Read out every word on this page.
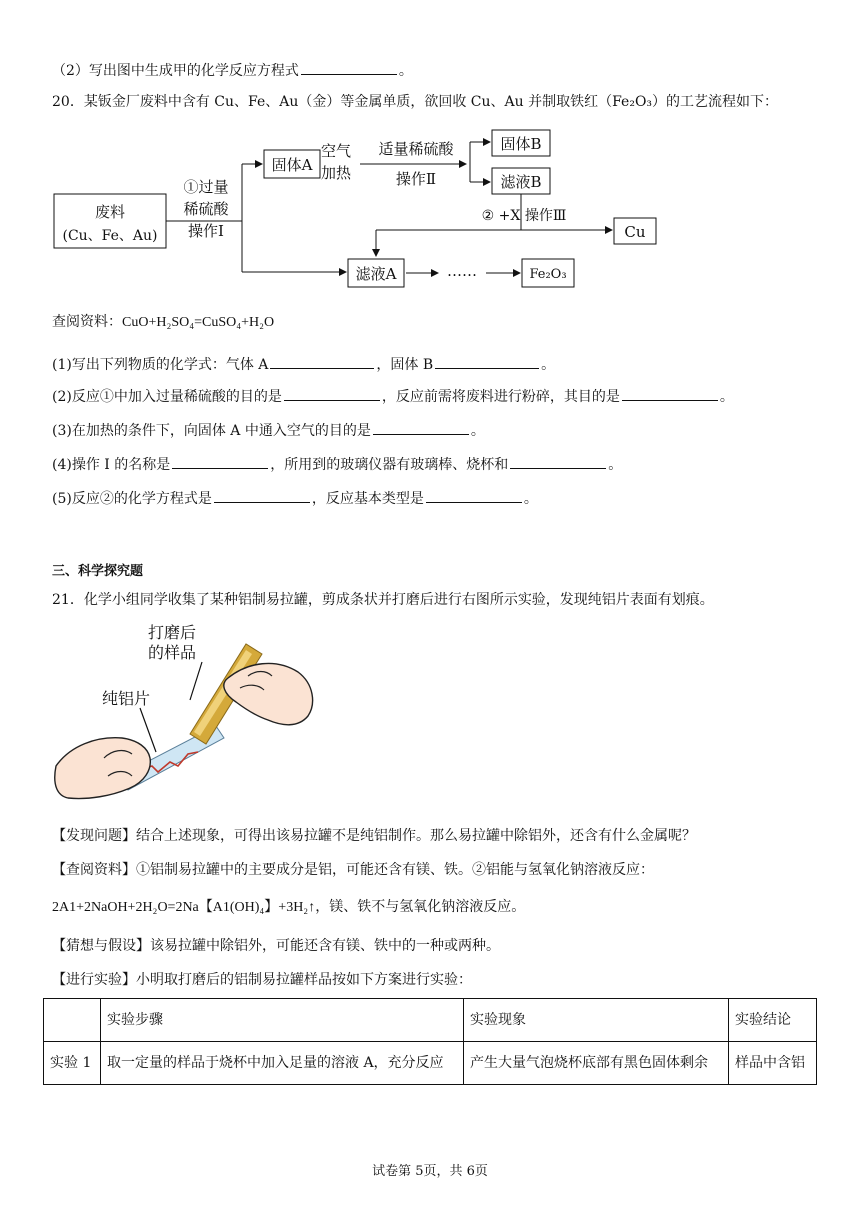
（2）写出图中生成甲的化学反应方程式	。
20．某钣金厂废料中含有 Cu、Fe、Au（金）等金属单质，欲回收 Cu、Au 并制取铁红（Fe₂O₃）的工艺流程如下：
废料
(Cu、Fe、Au)
①过量
稀硫酸
操作Ⅰ
固体A
空气
加热
适量稀硫酸
操作Ⅱ
固体B
滤液B
② +X 操作Ⅲ
Cu
滤液A	……	Fe₂O₃
查阅资料：CuO+H₂SO₄=CuSO₄+H₂O
(1)写出下列物质的化学式：气体 A	，固体 B	。
(2)反应①中加入过量稀硫酸的目的是	，反应前需将废料进行粉碎，其目的是	。
(3)在加热的条件下，向固体 A 中通入空气的目的是	。
(4)操作 Ⅰ 的名称是	，所用到的玻璃仪器有玻璃棒、烧杯和	。
(5)反应②的化学方程式是	，反应基本类型是	。
三、科学探究题
21．化学小组同学收集了某种铝制易拉罐，剪成条状并打磨后进行右图所示实验，发现纯铝片表面有划痕。
打磨后
的样品
纯铝片
【发现问题】结合上述现象，可得出该易拉罐不是纯铝制作。那么易拉罐中除铝外，还含有什么金属呢？
【查阅资料】①铝制易拉罐中的主要成分是铝，可能还含有镁、铁。②铝能与氢氧化钠溶液反应：
2A1+2NaOH+2H₂O=2Na【A1(OH)₄】+3H₂↑，镁、铁不与氢氧化钠溶液反应。
【猜想与假设】该易拉罐中除铝外，可能还含有镁、铁中的一种或两种。
【进行实验】小明取打磨后的铝制易拉罐样品按如下方案进行实验：
	实验步骤	实验现象	实验结论
实验 1	取一定量的样品于烧杯中加入足量的溶液 A，充分反应	产生大量气泡烧杯底部有黑色固体剩余	样品中含铝
试卷第 5页，共 6页
